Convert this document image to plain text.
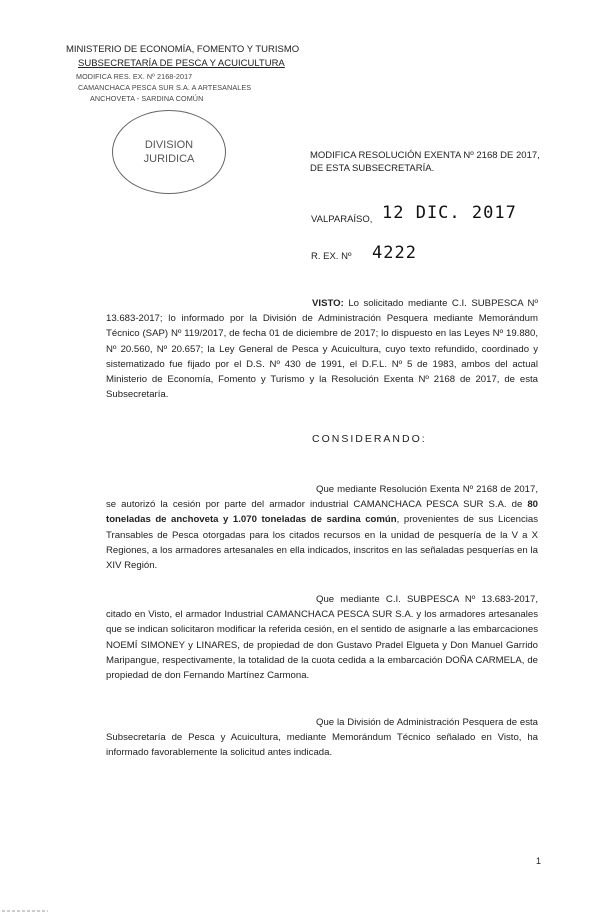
MINISTERIO DE ECONOMÍA, FOMENTO Y TURISMO
SUBSECRETARÍA DE PESCA Y ACUICULTURA
MODIFICA RES. EX. Nº 2168-2017
CAMANCHACA PESCA SUR S.A. A ARTESANALES
ANCHOVETA - SARDINA COMÚN
DIVISION
JURIDICA	MODIFICA RESOLUCIÓN EXENTA Nº 2168 DE 2017, DE ESTA SUBSECRETARÍA.
VALPARAÍSO, 12 DIC. 2017
R. EX. Nº 4222
VISTO: Lo solicitado mediante C.I. SUBPESCA Nº 13.683-2017; lo informado por la División de Administración Pesquera mediante Memorándum Técnico (SAP) Nº 119/2017, de fecha 01 de diciembre de 2017; lo dispuesto en las Leyes Nº 19.880, Nº 20.560, Nº 20.657; la Ley General de Pesca y Acuicultura, cuyo texto refundido, coordinado y sistematizado fue fijado por el D.S. Nº 430 de 1991, el D.F.L. Nº 5 de 1983, ambos del actual Ministerio de Economía, Fomento y Turismo y la Resolución Exenta Nº 2168 de 2017, de esta Subsecretaría.
CONSIDERANDO:
Que mediante Resolución Exenta Nº 2168 de 2017, se autorizó la cesión por parte del armador industrial CAMANCHACA PESCA SUR S.A. de 80 toneladas de anchoveta y 1.070 toneladas de sardina común, provenientes de sus Licencias Transables de Pesca otorgadas para los citados recursos en la unidad de pesquería de la V a X Regiones, a los armadores artesanales en ella indicados, inscritos en las señaladas pesquerías en la XIV Región.
Que mediante C.I. SUBPESCA Nº 13.683-2017, citado en Visto, el armador Industrial CAMANCHACA PESCA SUR S.A. y los armadores artesanales que se indican solicitaron modificar la referida cesión, en el sentido de asignarle a las embarcaciones NOEMÍ SIMONEY y LINARES, de propiedad de don Gustavo Pradel Elgueta y Don Manuel Garrido Maripangue, respectivamente, la totalidad de la cuota cedida a la embarcación DOÑA CARMELA, de propiedad de don Fernando Martínez Carmona.
Que la División de Administración Pesquera de esta Subsecretaría de Pesca y Acuicultura, mediante Memorándum Técnico señalado en Visto, ha informado favorablemente la solicitud antes indicada.
1
